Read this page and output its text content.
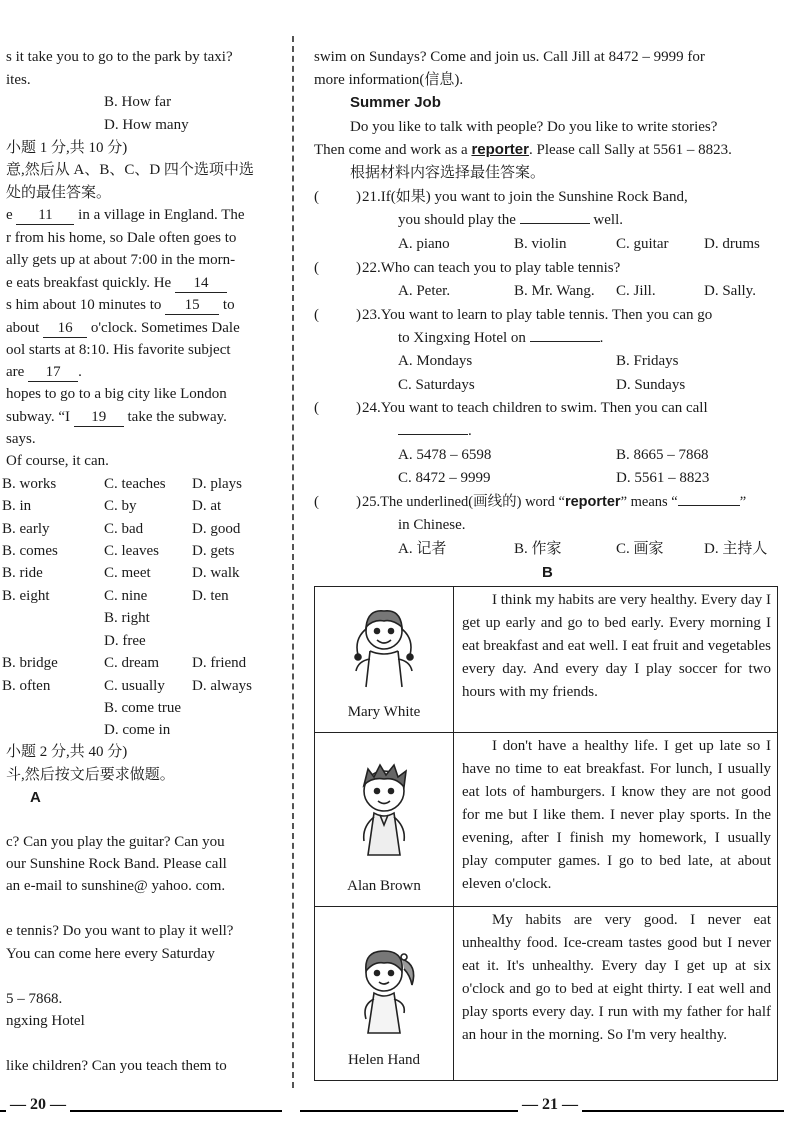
s it take you to go to the park by taxi?
ites.
B. How far
D. How many
小题 1 分,共 10 分)
意,然后从 A、B、C、D 四个选项中选
处的最佳答案。
e 11 in a village in England. The
r from his home, so Dale often goes to
ally gets up at about 7:00 in the morn-
e eats breakfast quickly. He 14
s him about 10 minutes to 15 to
about 16 o'clock. Sometimes Dale
ool starts at 8:10. His favorite subject
are 17 .
hopes to go to a big city like London
subway. “I 19 take the subway.
says.
Of course, it can.
B. works	C. teaches D. plays
B. in	C. by	D. at
B. early	C. bad	D. good
B. comes	C. leaves D. gets
B. ride	C. meet	D. walk
B. eight	C. nine	D. ten
B. right
D. free
B. bridge	C. dream D. friend
B. often	C. usually D. always
B. come true
D. come in
小题 2 分,共 40 分)
斗,然后按文后要求做题。
A
c? Can you play the guitar? Can you
our Sunshine Rock Band. Please call
an e-mail to sunshine@ yahoo. com.
e tennis? Do you want to play it well?
You can come here every Saturday
5 – 7868.
ngxing Hotel
like children? Can you teach them to
— 20 —
swim on Sundays? Come and join us. Call Jill at 8472 – 9999 for
more information(信息).
Summer Job
Do you like to talk with people? Do you like to write stories?
Then come and work as a reporter. Please call Sally at 5561 – 8823.
根据材料内容选择最佳答案。
( ) 21.If(如果) you want to join the Sunshine Rock Band,
you should play the	well.
A. piano	B. violin	C. guitar D. drums
( ) 22.Who can teach you to play table tennis?
A. Peter.	B. Mr. Wang. C. Jill.	D. Sally.
( ) 23.You want to learn to play table tennis. Then you can go
to Xingxing Hotel on	.
A. Mondays	B. Fridays
C. Saturdays	D. Sundays
( ) 24.You want to teach children to swim. Then you can call
.
A. 5478 – 6598	B. 8665 – 7868
C. 8472 – 9999	D. 5561 – 8823
( ) 25.The underlined(画线的) word “reporter” means “	”
in Chinese.
A. 记者	B. 作家	C. 画家	D. 主持人
B
Mary White	I think my habits are very healthy. Every day I get up early and go to bed early. Every morning I eat breakfast and eat well. I eat fruit and vegetables every day. And every day I play soccer for two hours with my friends.

Alan Brown	I don't have a healthy life. I get up late so I have no time to eat breakfast. For lunch, I usually eat lots of hamburgers. I know they are not good for me but I like them. I never play sports. In the evening, after I finish my homework, I usually play computer games. I go to bed late, at about eleven o'clock.

Helen Hand	My habits are very good. I never eat unhealthy food. Ice-cream tastes good but I never eat it. It's unhealthy. Every day I get up at six o'clock and go to bed at eight thirty. I eat well and play sports every day. I run with my father for half an hour in the morning. So I'm very healthy.
— 21 —
